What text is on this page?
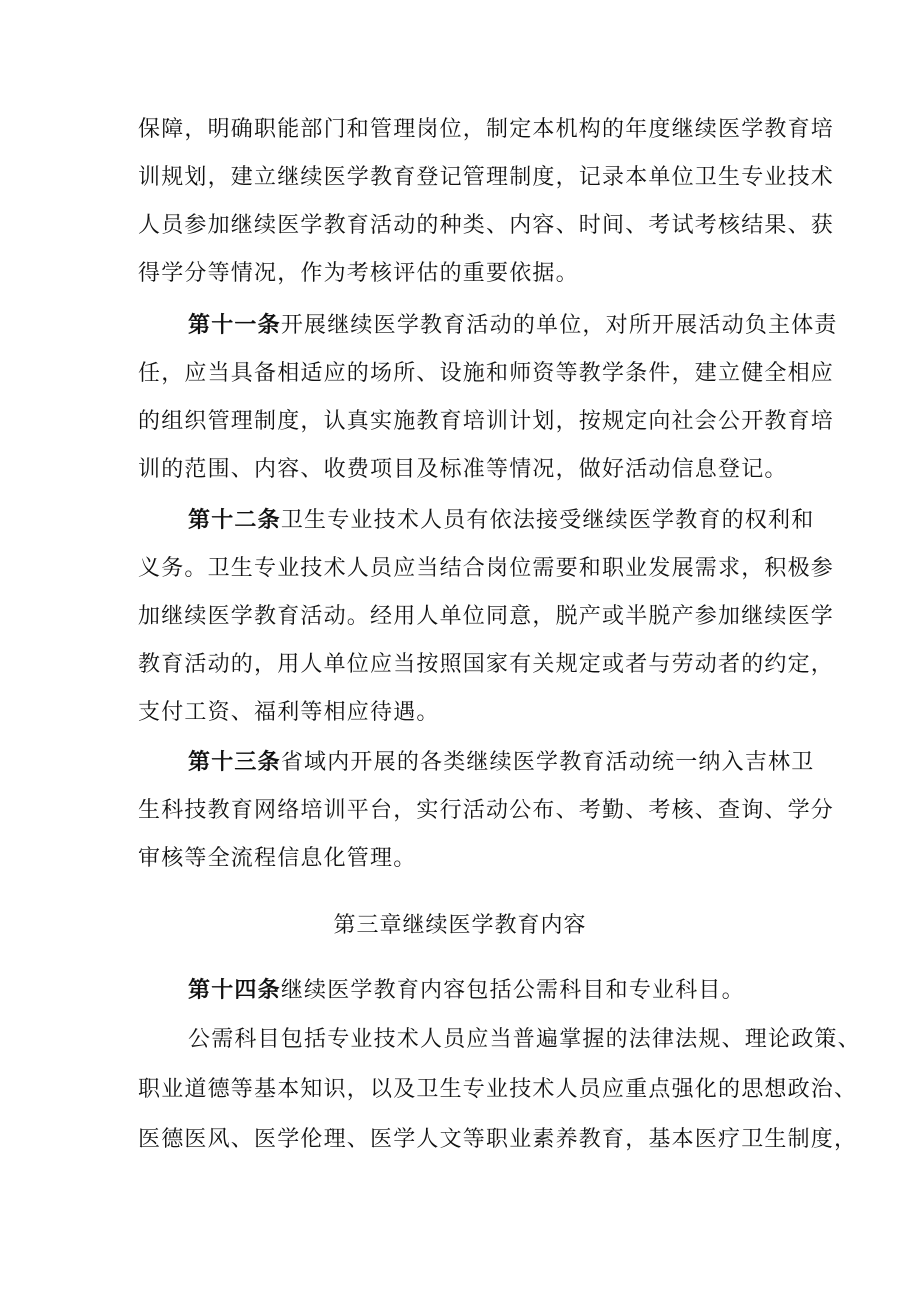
保障，明确职能部门和管理岗位，制定本机构的年度继续医学教育培
训规划，建立继续医学教育登记管理制度，记录本单位卫生专业技术
人员参加继续医学教育活动的种类、内容、时间、考试考核结果、获
得学分等情况，作为考核评估的重要依据。
第十一条开展继续医学教育活动的单位，对所开展活动负主体责
任，应当具备相适应的场所、设施和师资等教学条件，建立健全相应
的组织管理制度，认真实施教育培训计划，按规定向社会公开教育培
训的范围、内容、收费项目及标准等情况，做好活动信息登记。
第十二条卫生专业技术人员有依法接受继续医学教育的权利和
义务。卫生专业技术人员应当结合岗位需要和职业发展需求，积极参
加继续医学教育活动。经用人单位同意，脱产或半脱产参加继续医学
教育活动的，用人单位应当按照国家有关规定或者与劳动者的约定，
支付工资、福利等相应待遇。
第十三条省域内开展的各类继续医学教育活动统一纳入吉林卫
生科技教育网络培训平台，实行活动公布、考勤、考核、查询、学分
审核等全流程信息化管理。
第三章继续医学教育内容
第十四条继续医学教育内容包括公需科目和专业科目。
公需科目包括专业技术人员应当普遍掌握的法律法规、理论政策、
职业道德等基本知识，以及卫生专业技术人员应重点强化的思想政治、
医德医风、医学伦理、医学人文等职业素养教育，基本医疗卫生制度，
